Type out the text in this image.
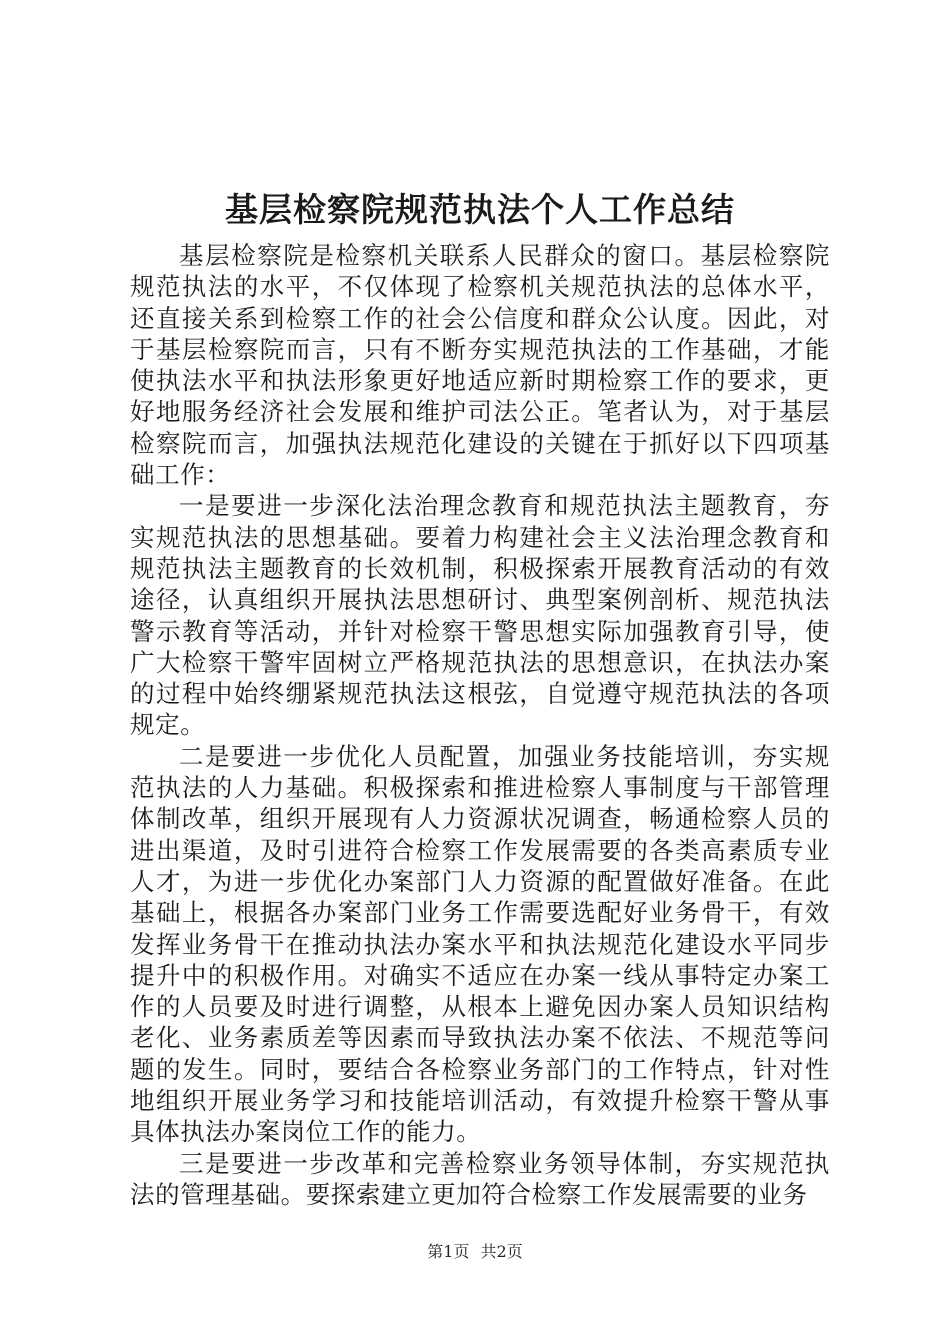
基层检察院规范执法个人工作总结

基层检察院是检察机关联系人民群众的窗口。基层检察院规范执法的水平，不仅体现了检察机关规范执法的总体水平，还直接关系到检察工作的社会公信度和群众公认度。因此，对于基层检察院而言，只有不断夯实规范执法的工作基础，才能使执法水平和执法形象更好地适应新时期检察工作的要求，更好地服务经济社会发展和维护司法公正。笔者认为，对于基层检察院而言，加强执法规范化建设的关键在于抓好以下四项基础工作：

一是要进一步深化法治理念教育和规范执法主题教育，夯实规范执法的思想基础。要着力构建社会主义法治理念教育和规范执法主题教育的长效机制，积极探索开展教育活动的有效途径，认真组织开展执法思想研讨、典型案例剖析、规范执法警示教育等活动，并针对检察干警思想实际加强教育引导，使广大检察干警牢固树立严格规范执法的思想意识，在执法办案的过程中始终绷紧规范执法这根弦，自觉遵守规范执法的各项规定。

二是要进一步优化人员配置，加强业务技能培训，夯实规范执法的人力基础。积极探索和推进检察人事制度与干部管理体制改革，组织开展现有人力资源状况调查，畅通检察人员的进出渠道，及时引进符合检察工作发展需要的各类高素质专业人才，为进一步优化办案部门人力资源的配置做好准备。在此基础上，根据各办案部门业务工作需要选配好业务骨干，有效发挥业务骨干在推动执法办案水平和执法规范化建设水平同步提升中的积极作用。对确实不适应在办案一线从事特定办案工作的人员要及时进行调整，从根本上避免因办案人员知识结构老化、业务素质差等因素而导致执法办案不依法、不规范等问题的发生。同时，要结合各检察业务部门的工作特点，针对性地组织开展业务学习和技能培训活动，有效提升检察干警从事具体执法办案岗位工作的能力。

三是要进一步改革和完善检察业务领导体制，夯实规范执法的管理基础。要探索建立更加符合检察工作发展需要的业务

第1页 共2页
